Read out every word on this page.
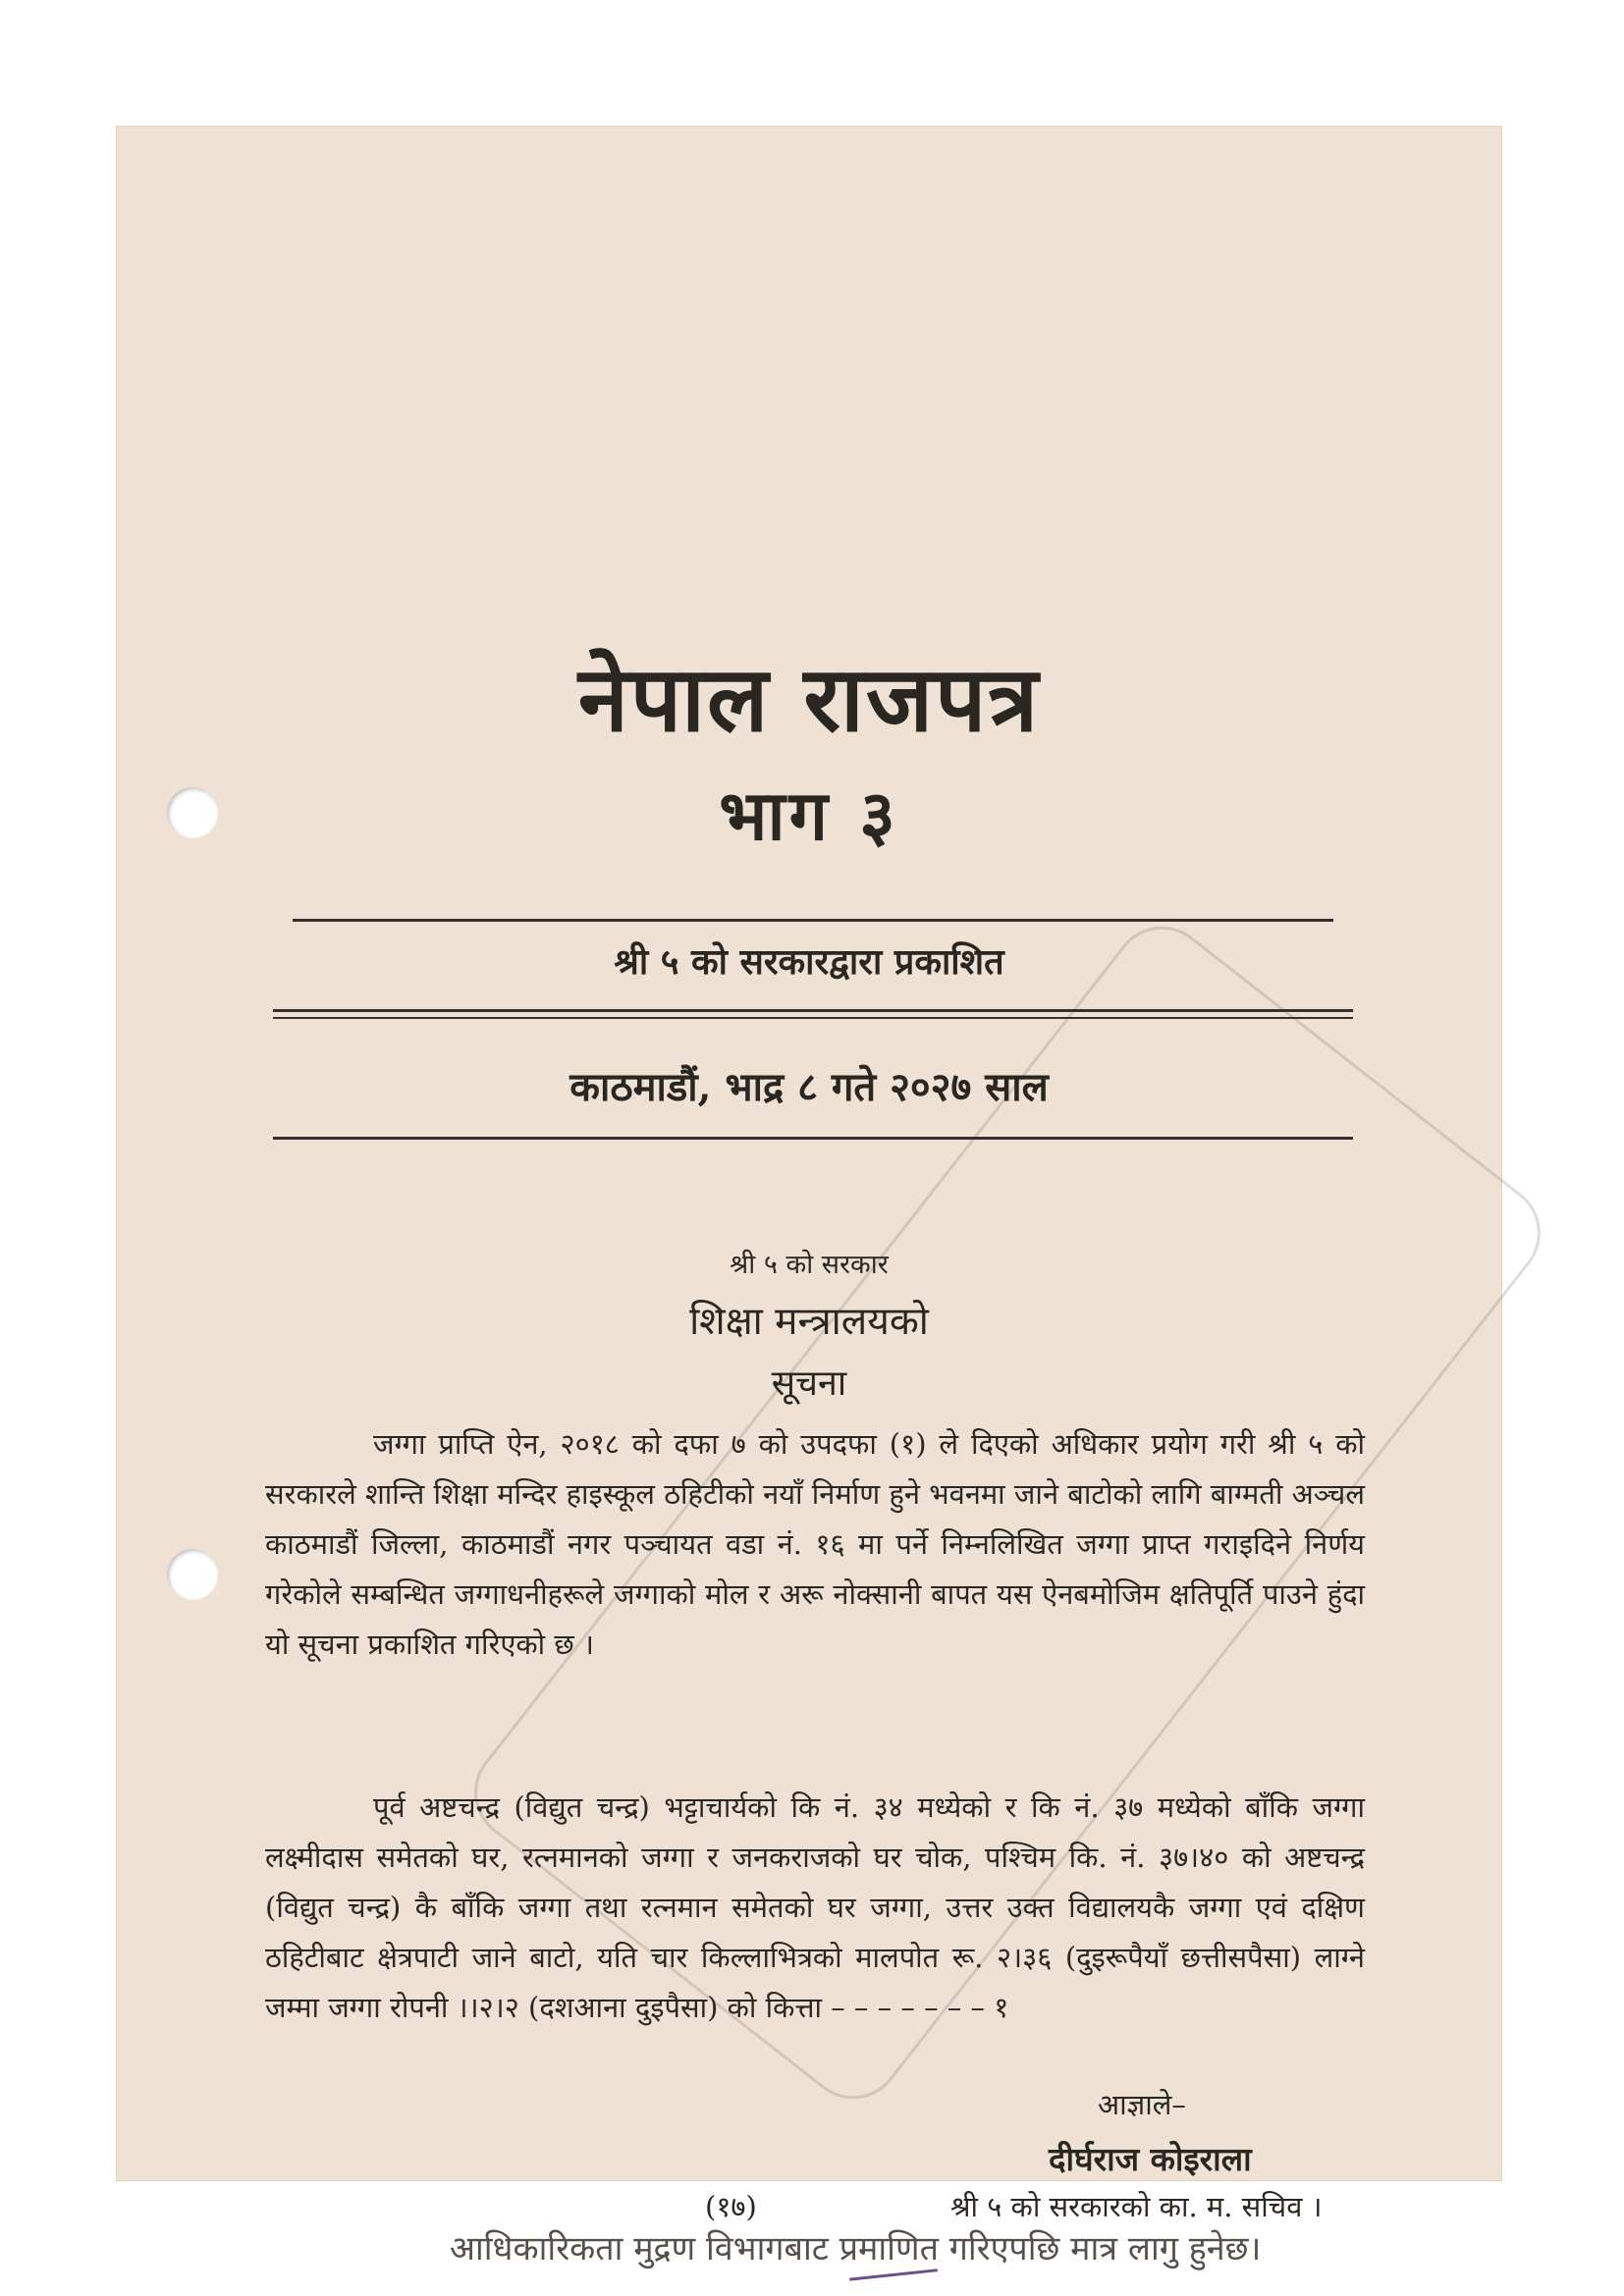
नेपाल राजपत्र
भाग ३
श्री ५ को सरकारद्वारा प्रकाशित
काठमाडौं, भाद्र ८ गते २०२७ साल
श्री ५ को सरकार
शिक्षा मन्त्रालयको
सूचना

जग्गा प्राप्ति ऐन, २०१८ को दफा ७ को उपदफा (१) ले दिएको अधिकार प्रयोग गरी श्री ५ को सरकारले शान्ति शिक्षा मन्दिर हाइस्कूल ठहिटीको नयाँ निर्माण हुने भवनमा जाने बाटोको लागि बाग्मती अञ्चल काठमाडौं जिल्ला, काठमाडौं नगर पञ्चायत वडा नं. १६ मा पर्ने निम्नलिखित जग्गा प्राप्त गराइदिने निर्णय गरेकोले सम्बन्धित जग्गाधनीहरूले जग्गाको मोल र अरू नोक्सानी बापत यस ऐनबमोजिम क्षतिपूर्ति पाउने हुंदा यो सूचना प्रकाशित गरिएको छ ।

पूर्व अष्टचन्द्र (विद्युत चन्द्र) भट्टाचार्यको कि नं. ३४ मध्येको र कि नं. ३७ मध्येको बाँकि जग्गा लक्ष्मीदास समेतको घर, रत्नमानको जग्गा र जनकराजको घर चोक, पश्चिम कि. नं. ३७।४० को अष्टचन्द्र (विद्युत चन्द्र) कै बाँकि जग्गा तथा रत्नमान समेतको घर जग्गा, उत्तर उक्त विद्यालयकै जग्गा एवं दक्षिण ठहिटीबाट क्षेत्रपाटी जाने बाटो, यति चार किल्लाभित्रको मालपोत रू. २।३६ (दुइरूपैयाँ छत्तीसपैसा) लाग्ने जम्मा जग्गा रोपनी ।।२।२ (दशआना दुइपैसा) को कित्ता – – – – – – – १

आज्ञाले–
दीर्घराज कोइराला
(१७)	श्री ५ को सरकारको का. म. सचिव ।
आधिकारिकता मुद्रण विभागबाट प्रमाणित गरिएपछि मात्र लागु हुनेछ।
